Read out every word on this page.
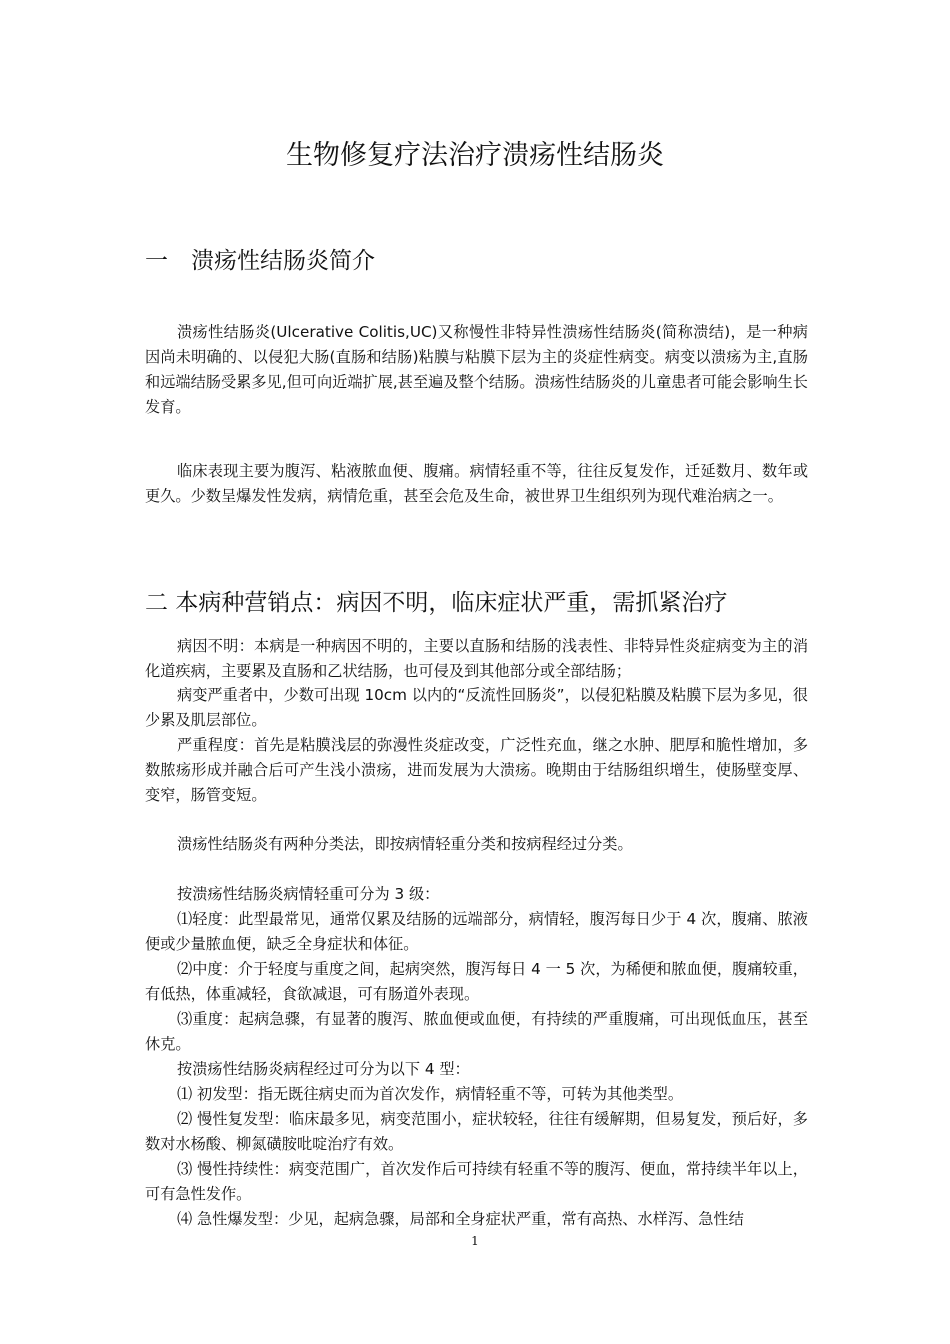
生物修复疗法治疗溃疡性结肠炎
一 溃疡性结肠炎简介

溃疡性结肠炎(Ulcerative Colitis,UC)又称慢性非特异性溃疡性结肠炎(简称溃结)，是一种病因尚未明确的、以侵犯大肠(直肠和结肠)粘膜与粘膜下层为主的炎症性病变。病变以溃疡为主,直肠和远端结肠受累多见,但可向近端扩展,甚至遍及整个结肠。溃疡性结肠炎的儿童患者可能会影响生长发育。

临床表现主要为腹泻、粘液脓血便、腹痛。病情轻重不等，往往反复发作，迁延数月、数年或更久。少数呈爆发性发病，病情危重，甚至会危及生命，被世界卫生组织列为现代难治病之一。

二 本病种营销点：病因不明，临床症状严重，需抓紧治疗

病因不明：本病是一种病因不明的，主要以直肠和结肠的浅表性、非特异性炎症病变为主的消化道疾病，主要累及直肠和乙状结肠，也可侵及到其他部分或全部结肠；

病变严重者中，少数可出现 10cm 以内的“反流性回肠炎”，以侵犯粘膜及粘膜下层为多见，很少累及肌层部位。

严重程度：首先是粘膜浅层的弥漫性炎症改变，广泛性充血，继之水肿、肥厚和脆性增加，多数脓疡形成并融合后可产生浅小溃疡，进而发展为大溃疡。晚期由于结肠组织增生，使肠壁变厚、变窄，肠管变短。

溃疡性结肠炎有两种分类法，即按病情轻重分类和按病程经过分类。

按溃疡性结肠炎病情轻重可分为 3 级：

⑴轻度：此型最常见，通常仅累及结肠的远端部分，病情轻，腹泻每日少于 4 次，腹痛、脓液便或少量脓血便，缺乏全身症状和体征。

⑵中度：介于轻度与重度之间，起病突然，腹泻每日 4 一 5 次，为稀便和脓血便，腹痛较重，有低热，体重减轻，食欲减退，可有肠道外表现。

⑶重度：起病急骤，有显著的腹泻、脓血便或血便，有持续的严重腹痛，可出现低血压，甚至休克。

按溃疡性结肠炎病程经过可分为以下 4 型：

⑴ 初发型：指无既往病史而为首次发作，病情轻重不等，可转为其他类型。

⑵ 慢性复发型：临床最多见，病变范围小，症状较轻，往往有缓解期，但易复发，预后好，多数对水杨酸、柳氮磺胺吡啶治疗有效。

⑶ 慢性持续性：病变范围广，首次发作后可持续有轻重不等的腹泻、便血，常持续半年以上，可有急性发作。

⑷ 急性爆发型：少见，起病急骤，局部和全身症状严重，常有高热、水样泻、急性结

1
